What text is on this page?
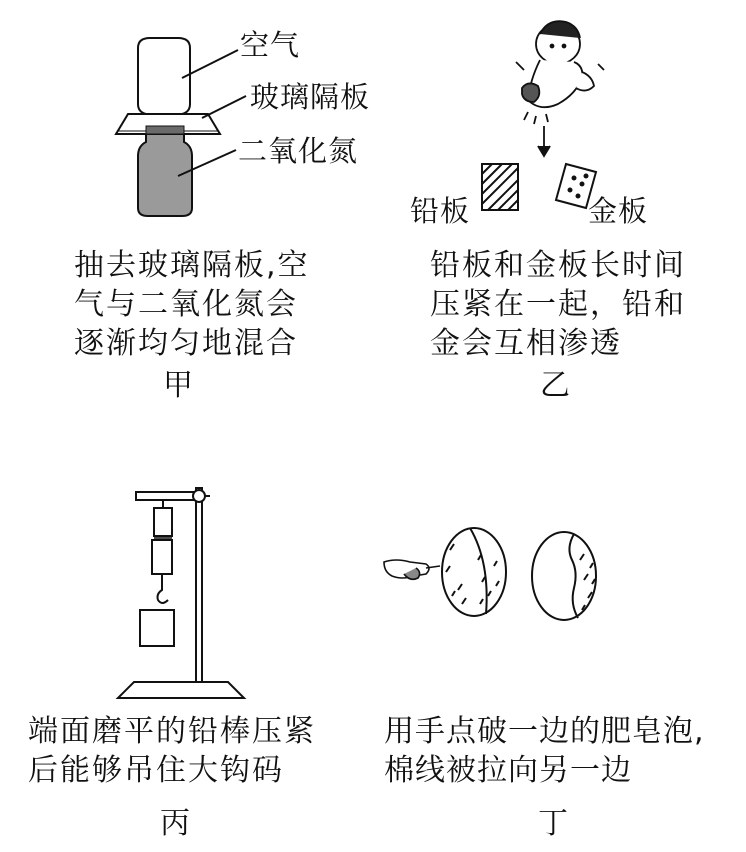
空气
玻璃隔板
二氧化氮
铅板	金板
抽去玻璃隔板,空
气与二氧化氮会
逐渐均匀地混合
甲
铅板和金板长时间
压紧在一起，铅和
金会互相渗透
乙
端面磨平的铅棒压紧
后能够吊住大钩码
丙
用手点破一边的肥皂泡,
棉线被拉向另一边
丁
